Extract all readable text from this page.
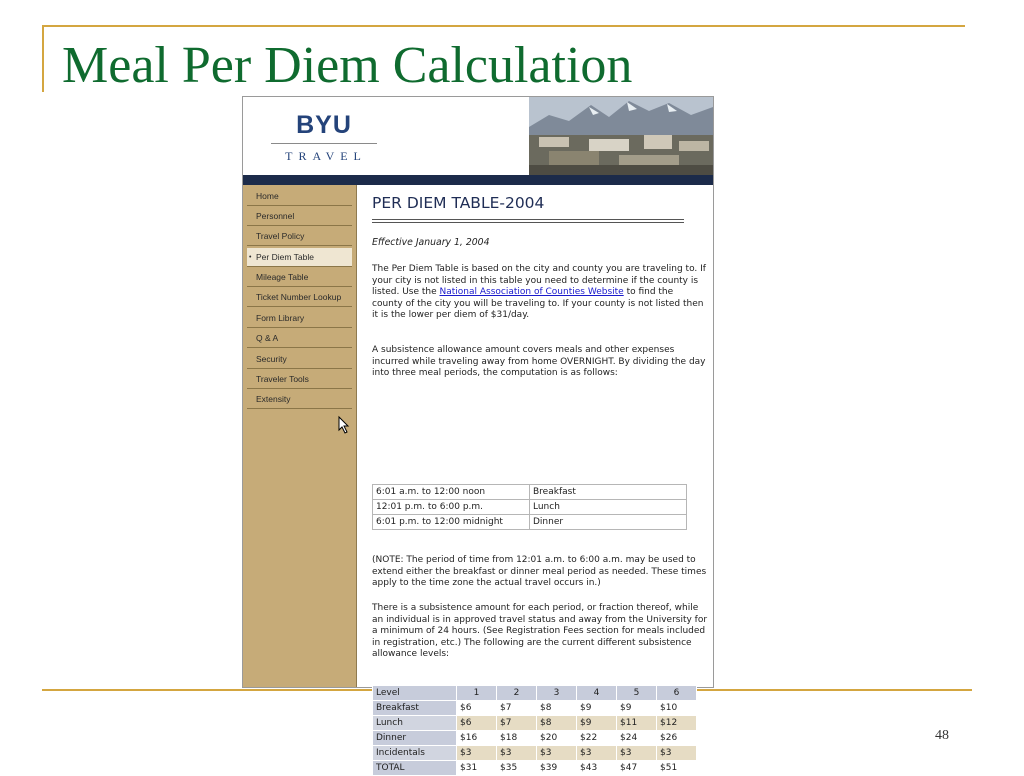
Meal Per Diem Calculation
48
BYU
TRAVEL
Home
Personnel
Travel Policy
• Per Diem Table
Mileage Table
Ticket Number Lookup
Form Library
Q & A
Security
Traveler Tools
Extensity
PER DIEM TABLE-2004
Effective January 1, 2004
The Per Diem Table is based on the city and county you are traveling to. If your city is not listed in this table you need to determine if the county is listed. Use the National Association of Counties Website to find the county of the city you will be traveling to. If your county is not listed then it is the lower per diem of $31/day.
A subsistence allowance amount covers meals and other expenses incurred while traveling away from home OVERNIGHT. By dividing the day into three meal periods, the computation is as follows:
6:01 a.m. to 12:00 noon	Breakfast
12:01 p.m. to 6:00 p.m.	Lunch
6:01 p.m. to 12:00 midnight	Dinner
(NOTE: The period of time from 12:01 a.m. to 6:00 a.m. may be used to extend either the breakfast or dinner meal period as needed. These times apply to the time zone the actual travel occurs in.)
There is a subsistence amount for each period, or fraction thereof, while an individual is in approved travel status and away from the University for a minimum of 24 hours. (See Registration Fees section for meals included in registration, etc.) The following are the current different subsistence allowance levels:
Level	1	2	3	4	5	6
Breakfast	$6	$7	$8	$9	$9	$10
Lunch	$6	$7	$8	$9	$11	$12
Dinner	$16	$18	$20	$22	$24	$26
Incidentals	$3	$3	$3	$3	$3	$3
TOTAL	$31	$35	$39	$43	$47	$51
